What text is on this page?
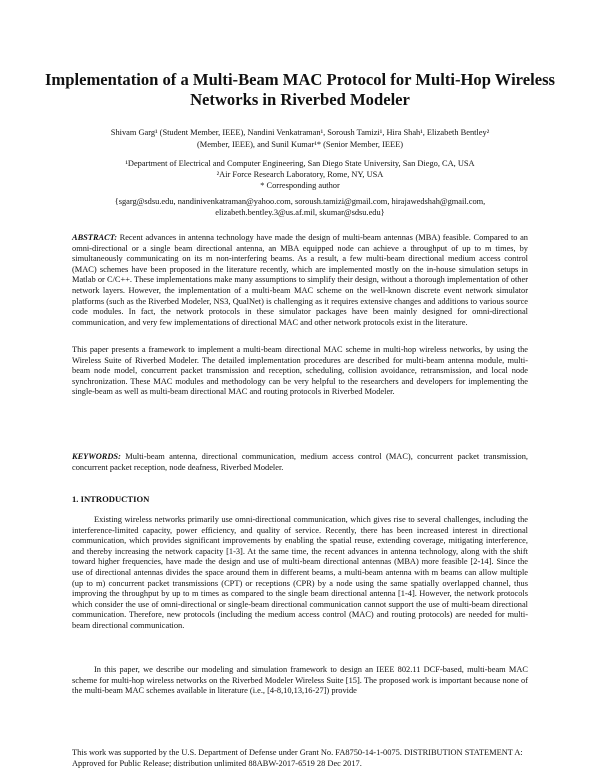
Implementation of a Multi-Beam MAC Protocol for Multi-Hop Wireless Networks in Riverbed Modeler
Shivam Garg¹ (Student Member, IEEE), Nandini Venkatraman¹, Soroush Tamizi¹, Hira Shah¹, Elizabeth Bentley²
(Member, IEEE), and Sunil Kumar¹* (Senior Member, IEEE)
¹Department of Electrical and Computer Engineering, San Diego State University, San Diego, CA, USA
²Air Force Research Laboratory, Rome, NY, USA
* Corresponding author
{sgarg@sdsu.edu, nandinivenkatraman@yahoo.com, soroush.tamizi@gmail.com, hirajawedshah@gmail.com,
elizabeth.bentley.3@us.af.mil, skumar@sdsu.edu}

ABSTRACT: Recent advances in antenna technology have made the design of multi-beam antennas (MBA) feasible. Compared to an omni-directional or a single beam directional antenna, an MBA equipped node can achieve a throughput of up to m times, by simultaneously communicating on its m non-interfering beams. As a result, a few multi-beam directional medium access control (MAC) schemes have been proposed in the literature recently, which are implemented mostly on the in-house simulation setups in Matlab or C/C++. These implementations make many assumptions to simplify their design, without a thorough implementation of other network layers. However, the implementation of a multi-beam MAC scheme on the well-known discrete event network simulator platforms (such as the Riverbed Modeler, NS3, QualNet) is challenging as it requires extensive changes and additions to various source code modules. In fact, the network protocols in these simulator packages have been mainly designed for omni-directional communication, and very few implementations of directional MAC and other network protocols exist in the literature.

This paper presents a framework to implement a multi-beam directional MAC scheme in multi-hop wireless networks, by using the Wireless Suite of Riverbed Modeler. The detailed implementation procedures are described for multi-beam antenna module, multi-beam node model, concurrent packet transmission and reception, scheduling, collision avoidance, retransmission, and local node synchronization. These MAC modules and methodology can be very helpful to the researchers and developers for implementing the single-beam as well as multi-beam directional MAC and routing protocols in Riverbed Modeler.

KEYWORDS: Multi-beam antenna, directional communication, medium access control (MAC), concurrent packet transmission, concurrent packet reception, node deafness, Riverbed Modeler.

1. INTRODUCTION

Existing wireless networks primarily use omni-directional communication, which gives rise to several challenges, including the interference-limited capacity, power efficiency, and quality of service. Recently, there has been increased interest in directional communication, which provides significant improvements by enabling the spatial reuse, extending coverage, mitigating interference, and thereby increasing the network capacity [1-3]. At the same time, the recent advances in antenna technology, along with the shift toward higher frequencies, have made the design and use of multi-beam directional antennas (MBA) more feasible [2-14]. Since the use of directional antennas divides the space around them in different beams, a multi-beam antenna with m beams can allow multiple (up to m) concurrent packet transmissions (CPT) or receptions (CPR) by a node using the same spatially overlapped channel, thus improving the throughput by up to m times as compared to the single beam directional antenna [1-4]. However, the network protocols which consider the use of omni-directional or single-beam directional communication cannot support the use of multi-beam directional communication. Therefore, new protocols (including the medium access control (MAC) and routing protocols) are needed for multi-beam directional communication.

In this paper, we describe our modeling and simulation framework to design an IEEE 802.11 DCF-based, multi-beam MAC scheme for multi-hop wireless networks on the Riverbed Modeler Wireless Suite [15]. The proposed work is important because none of the multi-beam MAC schemes available in literature (i.e., [4-8,10,13,16-27]) provide

This work was supported by the U.S. Department of Defense under Grant No. FA8750-14-1-0075. DISTRIBUTION STATEMENT A: Approved for Public Release; distribution unlimited 88ABW-2017-6519 28 Dec 2017.
